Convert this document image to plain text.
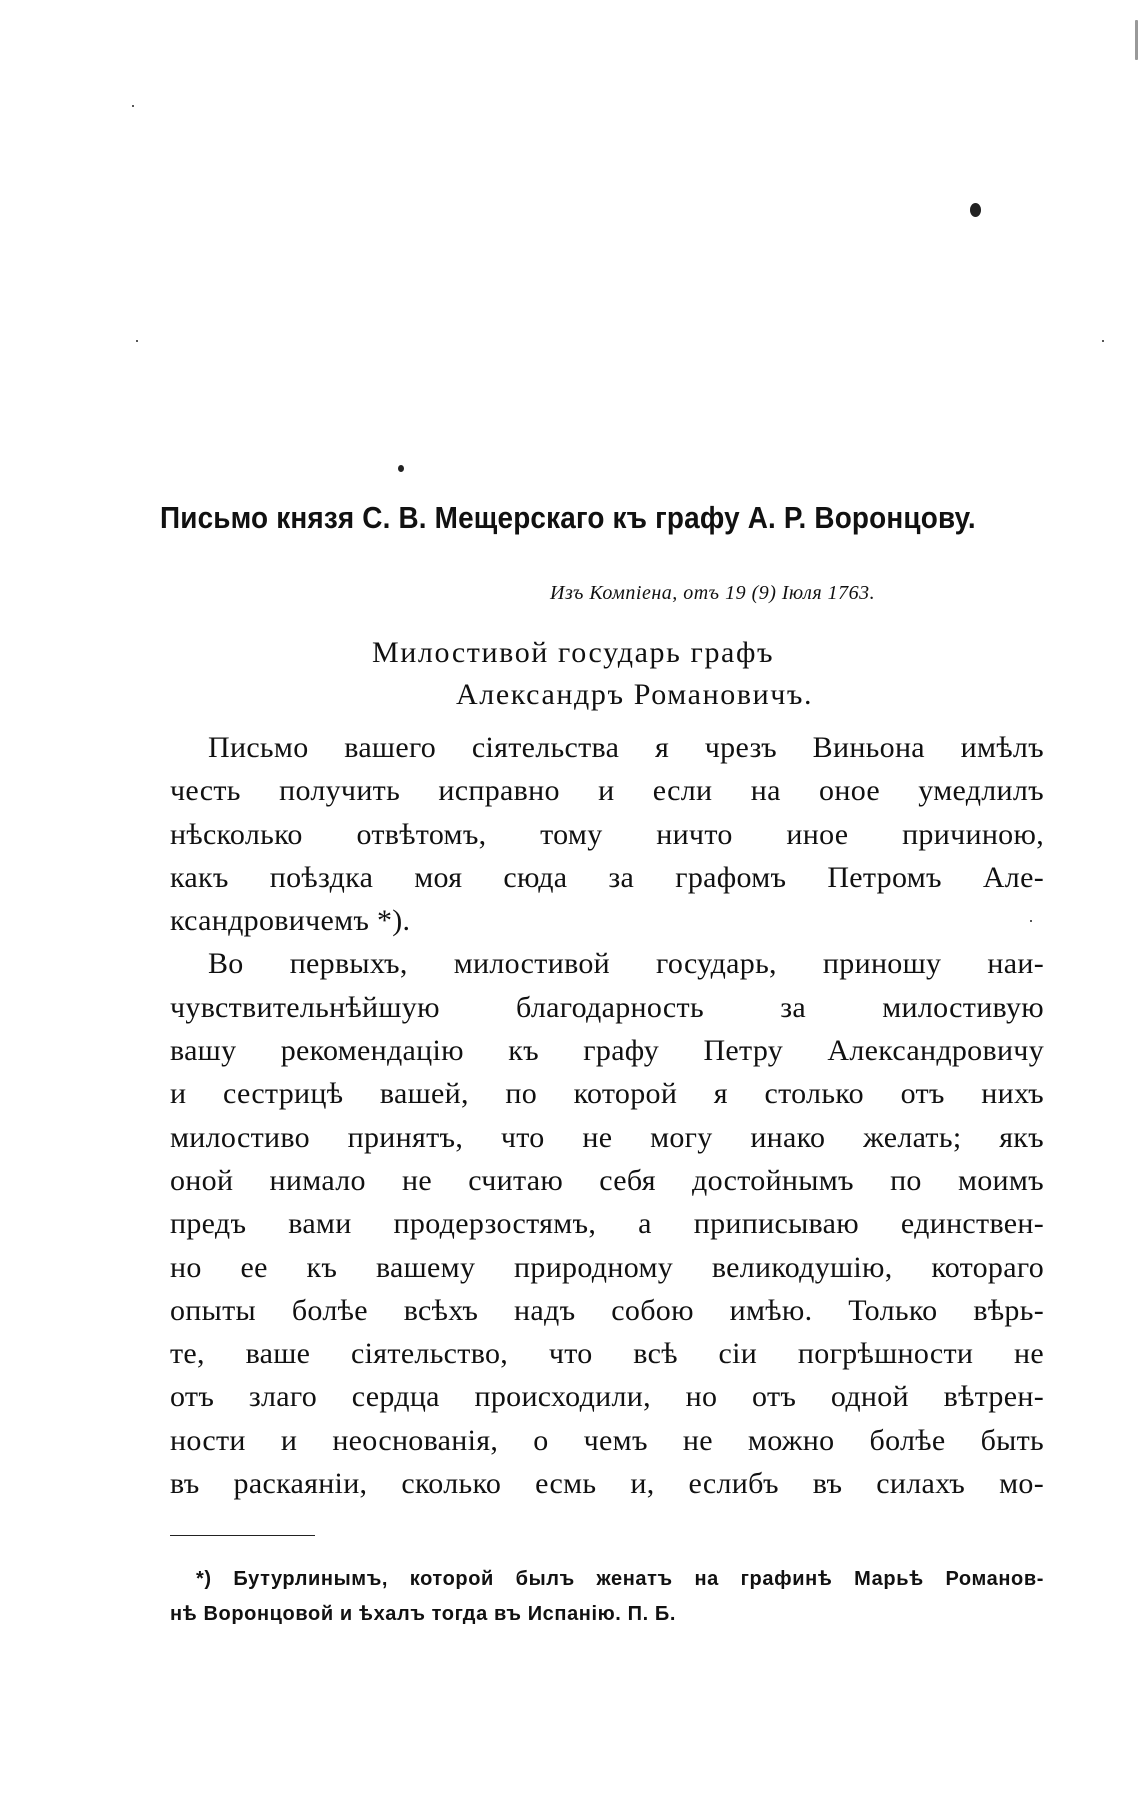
Письмо князя С. В. Мещерскаго къ графу А. Р. Воронцову.
Изъ Компіена, отъ 19 (9) Іюля 1763.
Милостивой государь графъ
Александръ Романовичъ.
Письмо вашего сіятельства я чрезъ Виньона имѣлъ
честь получить исправно и если на оное умедлилъ
нѣсколько отвѣтомъ, тому ничто иное причиною,
какъ поѣздка моя сюда за графомъ Петромъ Але-
ксандровичемъ *).
Во первыхъ, милостивой государь, приношу наи-
чувствительнѣйшую благодарность за милостивую
вашу рекомендацію къ графу Петру Александровичу
и сестрицѣ вашей, по которой я столько отъ нихъ
милостиво принятъ, что не могу инако желать; якъ
оной нимало не считаю себя достойнымъ по моимъ
предъ вами продерзостямъ, а приписываю единствен-
но ее къ вашему природному великодушію, котораго
опыты болѣе всѣхъ надъ собою имѣю. Только вѣрь-
те, ваше сіятельство, что всѣ сіи погрѣшности не
отъ злаго сердца происходили, но отъ одной вѣтрен-
ности и неоснованія, о чемъ не можно болѣе быть
въ раскаяніи, сколько есмь и, еслибъ въ силахъ мо-
*) Бутурлинымъ, которой былъ женатъ на графинѣ Марьѣ Романов-
нѣ Воронцовой и ѣхалъ тогда въ Испанію. П. Б.
